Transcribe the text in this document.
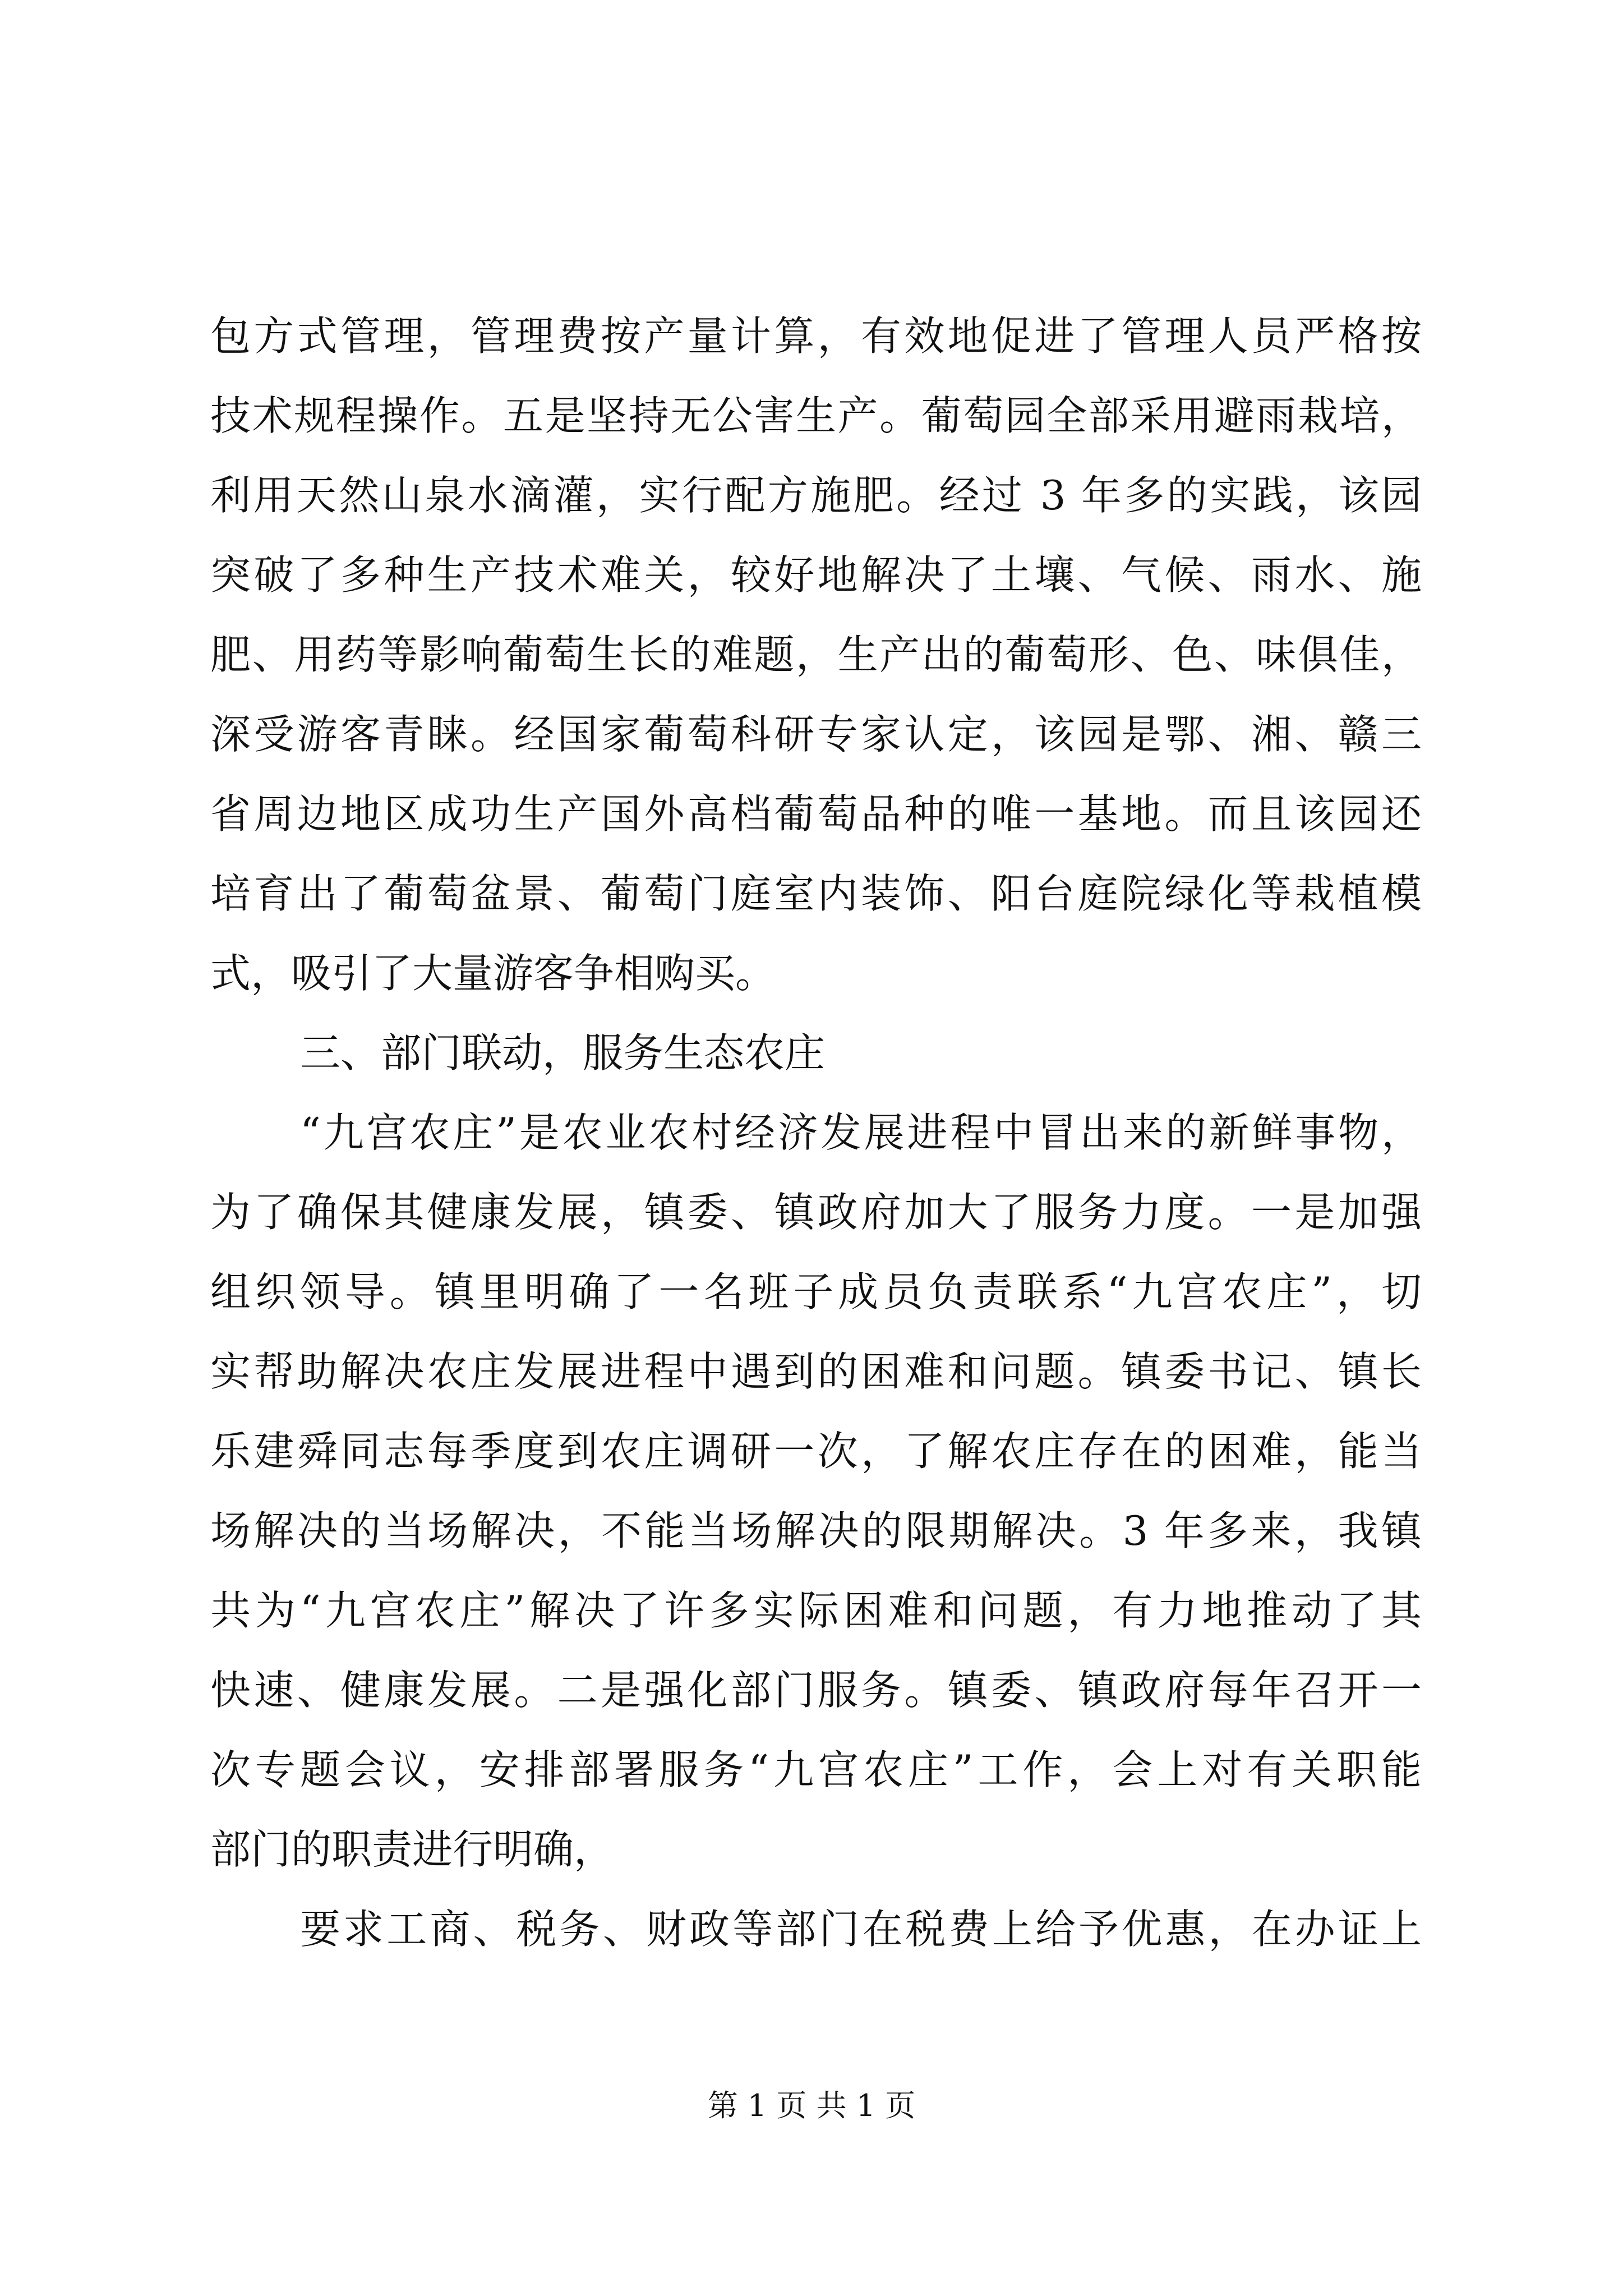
包方式管理，管理费按产量计算，有效地促进了管理人员严格按
技术规程操作。五是坚持无公害生产。葡萄园全部采用避雨栽培，
利用天然山泉水滴灌，实行配方施肥。经过 3 年多的实践，该园
突破了多种生产技术难关，较好地解决了土壤、气候、雨水、施
肥、用药等影响葡萄生长的难题，生产出的葡萄形、色、味俱佳，
深受游客青睐。经国家葡萄科研专家认定，该园是鄂、湘、赣三
省周边地区成功生产国外高档葡萄品种的唯一基地。而且该园还
培育出了葡萄盆景、葡萄门庭室内装饰、阳台庭院绿化等栽植模
式，吸引了大量游客争相购买。
三、部门联动，服务生态农庄
“九宫农庄”是农业农村经济发展进程中冒出来的新鲜事物，
为了确保其健康发展，镇委、镇政府加大了服务力度。一是加强
组织领导。镇里明确了一名班子成员负责联系“九宫农庄”，切
实帮助解决农庄发展进程中遇到的困难和问题。镇委书记、镇长
乐建舜同志每季度到农庄调研一次，了解农庄存在的困难，能当
场解决的当场解决，不能当场解决的限期解决。3 年多来，我镇
共为“九宫农庄”解决了许多实际困难和问题，有力地推动了其
快速、健康发展。二是强化部门服务。镇委、镇政府每年召开一
次专题会议，安排部署服务“九宫农庄”工作，会上对有关职能
部门的职责进行明确，
要求工商、税务、财政等部门在税费上给予优惠，在办证上
第 1 页 共 1 页
